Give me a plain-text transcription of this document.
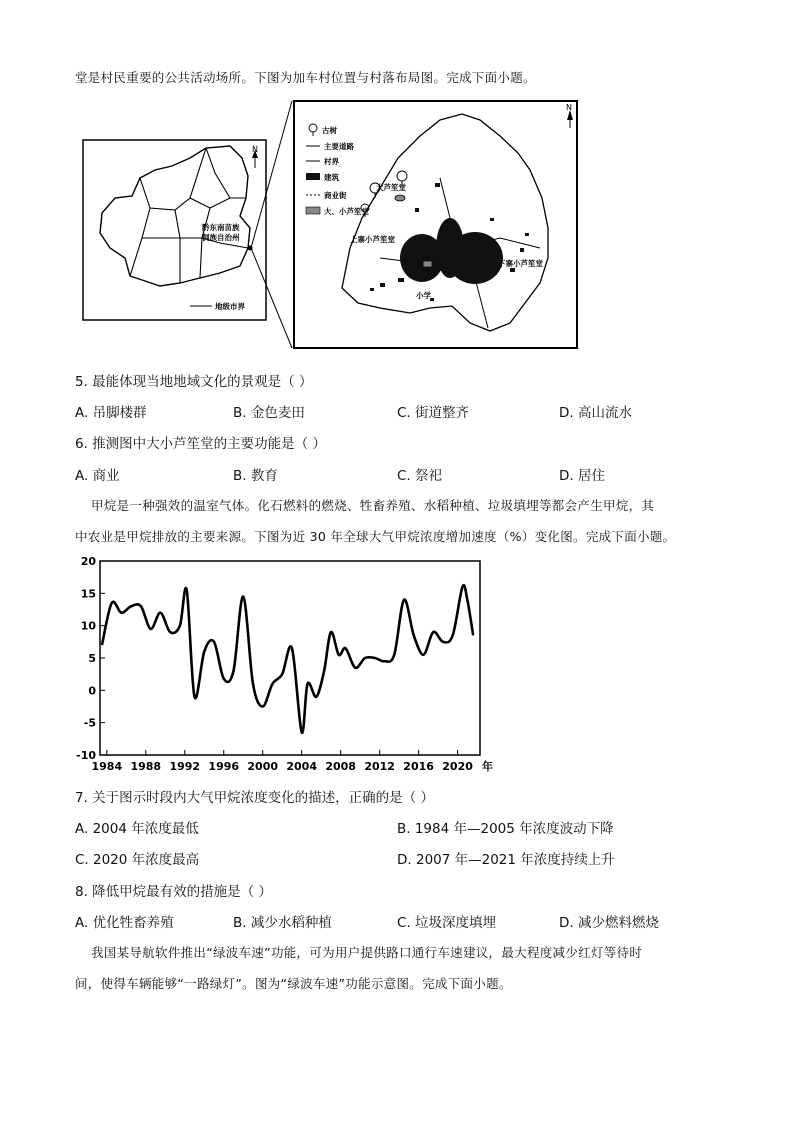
堂是村民重要的公共活动场所。下图为加车村位置与村落布局图。完成下面小题。
N
黔东南苗族
侗族自治州
地级市界
古树
主要道路
村界
建筑
商业街
大、小芦笙堂
N
大芦笙堂
上寨小芦笙堂
下寨小芦笙堂
小学
5. 最能体现当地地域文化的景观是（ ）
A. 吊脚楼群	B. 金色麦田	C. 街道整齐	D. 高山流水
6. 推测图中大小芦笙堂的主要功能是（ ）
A. 商业	B. 教育	C. 祭祀	D. 居住
甲烷是一种强效的温室气体。化石燃料的燃烧、牲畜养殖、水稻种植、垃圾填埋等都会产生甲烷，其
中农业是甲烷排放的主要来源。下图为近 30 年全球大气甲烷浓度增加速度（%）变化图。完成下面小题。
20
15
10
5
0
-5
-10
1984 1988 1992 1996 2000 2004 2008 2012 2016 2020 年
7. 关于图示时段内大气甲烷浓度变化的描述，正确的是（ ）
A. 2004 年浓度最低	B. 1984 年—2005 年浓度波动下降
C. 2020 年浓度最高	D. 2007 年—2021 年浓度持续上升
8. 降低甲烷最有效的措施是（ ）
A. 优化牲畜养殖	B. 减少水稻种植	C. 垃圾深度填埋	D. 减少燃料燃烧
我国某导航软件推出“绿波车速”功能，可为用户提供路口通行车速建议，最大程度减少红灯等待时
间，使得车辆能够“一路绿灯”。图为“绿波车速”功能示意图。完成下面小题。
